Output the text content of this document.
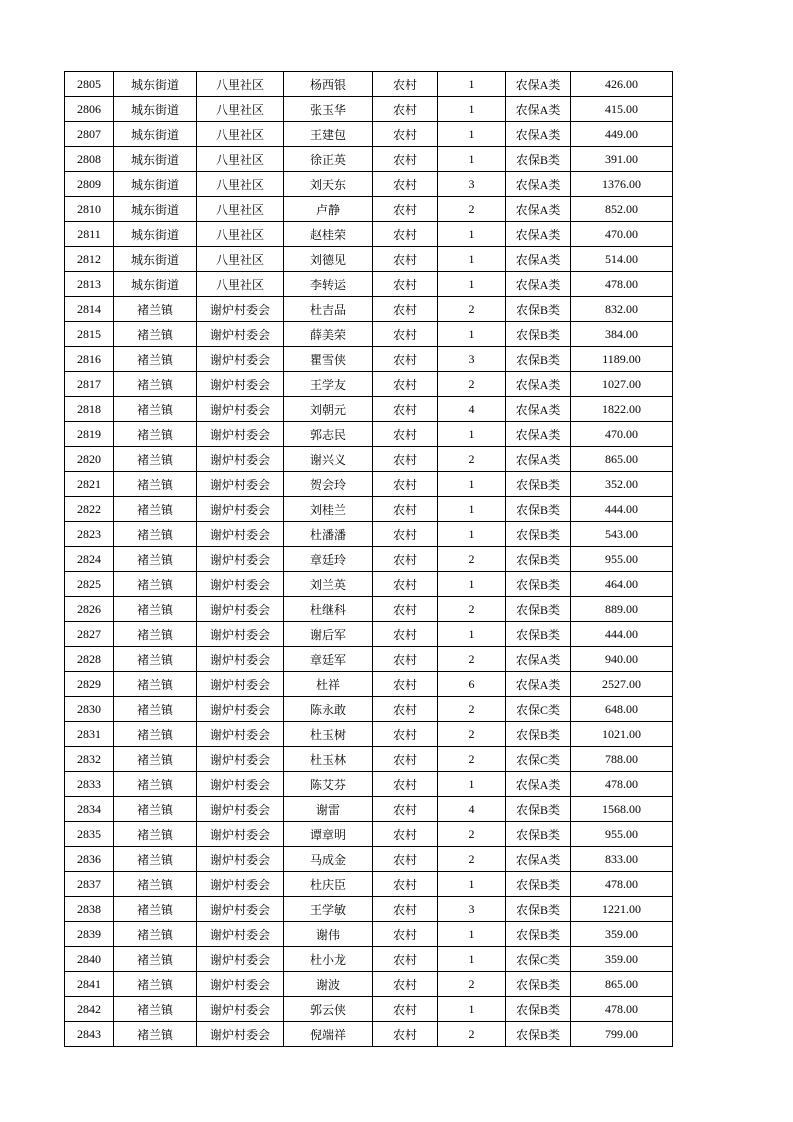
2805	城东街道	八里社区	杨西银	农村	1	农保A类	426.00
2806	城东街道	八里社区	张玉华	农村	1	农保A类	415.00
2807	城东街道	八里社区	王建包	农村	1	农保A类	449.00
2808	城东街道	八里社区	徐正英	农村	1	农保B类	391.00
2809	城东街道	八里社区	刘天东	农村	3	农保A类	1376.00
2810	城东街道	八里社区	卢静	农村	2	农保A类	852.00
2811	城东街道	八里社区	赵桂荣	农村	1	农保A类	470.00
2812	城东街道	八里社区	刘德见	农村	1	农保A类	514.00
2813	城东街道	八里社区	李转运	农村	1	农保A类	478.00
2814	褚兰镇	谢炉村委会	杜吉品	农村	2	农保B类	832.00
2815	褚兰镇	谢炉村委会	薛美荣	农村	1	农保B类	384.00
2816	褚兰镇	谢炉村委会	瞿雪侠	农村	3	农保B类	1189.00
2817	褚兰镇	谢炉村委会	王学友	农村	2	农保A类	1027.00
2818	褚兰镇	谢炉村委会	刘朝元	农村	4	农保A类	1822.00
2819	褚兰镇	谢炉村委会	郭志民	农村	1	农保A类	470.00
2820	褚兰镇	谢炉村委会	谢兴义	农村	2	农保A类	865.00
2821	褚兰镇	谢炉村委会	贺会玲	农村	1	农保B类	352.00
2822	褚兰镇	谢炉村委会	刘桂兰	农村	1	农保B类	444.00
2823	褚兰镇	谢炉村委会	杜潘潘	农村	1	农保B类	543.00
2824	褚兰镇	谢炉村委会	章廷玲	农村	2	农保B类	955.00
2825	褚兰镇	谢炉村委会	刘兰英	农村	1	农保B类	464.00
2826	褚兰镇	谢炉村委会	杜继科	农村	2	农保B类	889.00
2827	褚兰镇	谢炉村委会	谢后军	农村	1	农保B类	444.00
2828	褚兰镇	谢炉村委会	章廷军	农村	2	农保A类	940.00
2829	褚兰镇	谢炉村委会	杜祥	农村	6	农保A类	2527.00
2830	褚兰镇	谢炉村委会	陈永敢	农村	2	农保C类	648.00
2831	褚兰镇	谢炉村委会	杜玉树	农村	2	农保B类	1021.00
2832	褚兰镇	谢炉村委会	杜玉林	农村	2	农保C类	788.00
2833	褚兰镇	谢炉村委会	陈艾芬	农村	1	农保A类	478.00
2834	褚兰镇	谢炉村委会	谢雷	农村	4	农保B类	1568.00
2835	褚兰镇	谢炉村委会	谭章明	农村	2	农保B类	955.00
2836	褚兰镇	谢炉村委会	马成金	农村	2	农保A类	833.00
2837	褚兰镇	谢炉村委会	杜庆臣	农村	1	农保B类	478.00
2838	褚兰镇	谢炉村委会	王学敏	农村	3	农保B类	1221.00
2839	褚兰镇	谢炉村委会	谢伟	农村	1	农保B类	359.00
2840	褚兰镇	谢炉村委会	杜小龙	农村	1	农保C类	359.00
2841	褚兰镇	谢炉村委会	谢波	农村	2	农保B类	865.00
2842	褚兰镇	谢炉村委会	郭云侠	农村	1	农保B类	478.00
2843	褚兰镇	谢炉村委会	倪端祥	农村	2	农保B类	799.00
